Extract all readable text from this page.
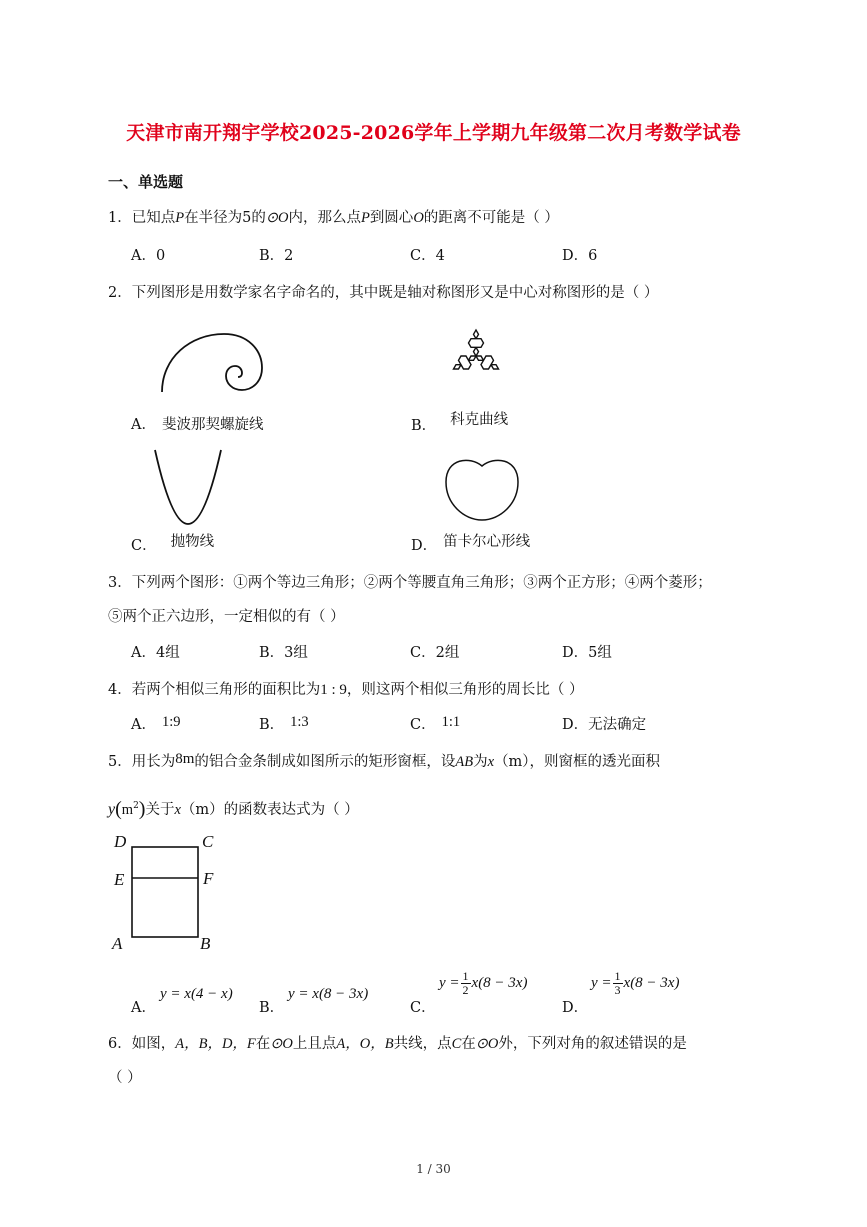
天津市南开翔宇学校2025-2026学年上学期九年级第二次月考数学试卷
一、单选题
1．已知点P在半径为5的⊙O内，那么点P到圆心O的距离不可能是（ ）
A．0	B．2	C．4	D．6
2．下列图形是用数学家名字命名的，其中既是轴对称图形又是中心对称图形的是（ ）
A． 斐波那契螺旋线	B． 科克曲线
C． 抛物线	D． 笛卡尔心形线
3．下列两个图形：①两个等边三角形；②两个等腰直角三角形；③两个正方形；④两个菱形；
⑤两个正六边形，一定相似的有（ ）
A．4组	B．3组	C．2组	D．5组
4．若两个相似三角形的面积比为1 : 9，则这两个相似三角形的周长比（ ）
A． 1:9	B． 1:3	C． 1:1	D．无法确定
5．用长为8m的铝合金条制成如图所示的矩形窗框，设AB为x（m），则窗框的透光面积
$y(m^2)$关于x（m）的函数表达式为（ ）
D	C
E	F
A	B
A．
y = x(4 − x)
B．
y = x(8 − 3x)
C．
$y = \frac{1}{2} x(8 - 3x)$
D．
$y = \frac{1}{3} x(8 - 3x)$
6．如图，A，B，D，F在⊙O上且点A，O，B共线，点C在⊙O外，下列对角的叙述错误的是
（ ）
1 / 30
